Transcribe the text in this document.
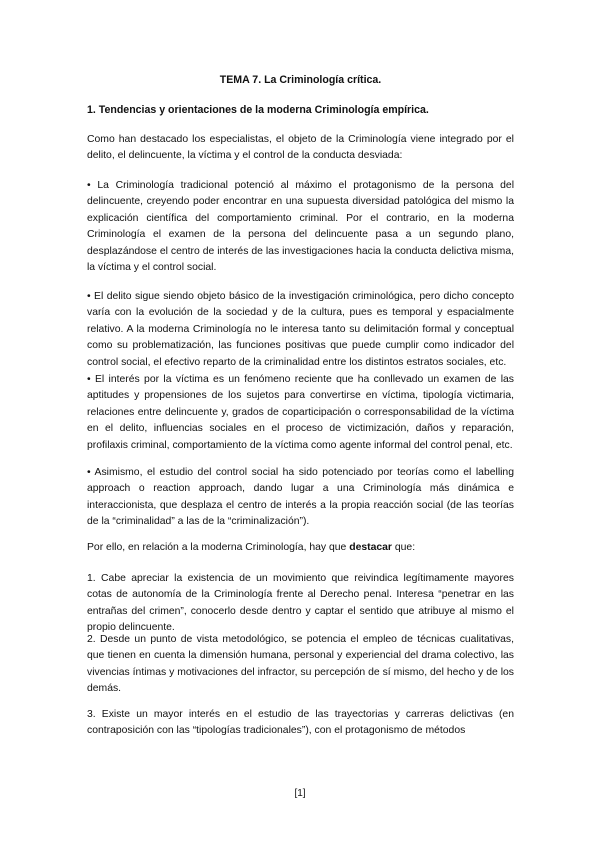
TEMA 7. La Criminología crítica.
1. Tendencias y orientaciones de la moderna Criminología empírica.

Como han destacado los especialistas, el objeto de la Criminología viene integrado por el delito, el delincuente, la víctima y el control de la conducta desviada:

• La Criminología tradicional potenció al máximo el protagonismo de la persona del delincuente, creyendo poder encontrar en una supuesta diversidad patológica del mismo la explicación científica del comportamiento criminal. Por el contrario, en la moderna Criminología el examen de la persona del delincuente pasa a un segundo plano, desplazándose el centro de interés de las investigaciones hacia la conducta delictiva misma, la víctima y el control social.

• El delito sigue siendo objeto básico de la investigación criminológica, pero dicho concepto varía con la evolución de la sociedad y de la cultura, pues es temporal y espacialmente relativo. A la moderna Criminología no le interesa tanto su delimitación formal y conceptual como su problematización, las funciones positivas que puede cumplir como indicador del control social, el efectivo reparto de la criminalidad entre los distintos estratos sociales, etc.

• El interés por la víctima es un fenómeno reciente que ha conllevado un examen de las aptitudes y propensiones de los sujetos para convertirse en víctima, tipología victimaria, relaciones entre delincuente y, grados de coparticipación o corresponsabilidad de la víctima en el delito, influencias sociales en el proceso de victimización, daños y reparación, profilaxis criminal, comportamiento de la víctima como agente informal del control penal, etc.

• Asimismo, el estudio del control social ha sido potenciado por teorías como el labelling approach o reaction approach, dando lugar a una Criminología más dinámica e interaccionista, que desplaza el centro de interés a la propia reacción social (de las teorías de la “criminalidad” a las de la “criminalización”).

Por ello, en relación a la moderna Criminología, hay que destacar que:

1. Cabe apreciar la existencia de un movimiento que reivindica legítimamente mayores cotas de autonomía de la Criminología frente al Derecho penal. Interesa “penetrar en las entrañas del crimen”, conocerlo desde dentro y captar el sentido que atribuye al mismo el propio delincuente.

2. Desde un punto de vista metodológico, se potencia el empleo de técnicas cualitativas, que tienen en cuenta la dimensión humana, personal y experiencial del drama colectivo, las vivencias íntimas y motivaciones del infractor, su percepción de sí mismo, del hecho y de los demás.

3. Existe un mayor interés en el estudio de las trayectorias y carreras delictivas (en contraposición con las “tipologías tradicionales”), con el protagonismo de métodos

[1]
